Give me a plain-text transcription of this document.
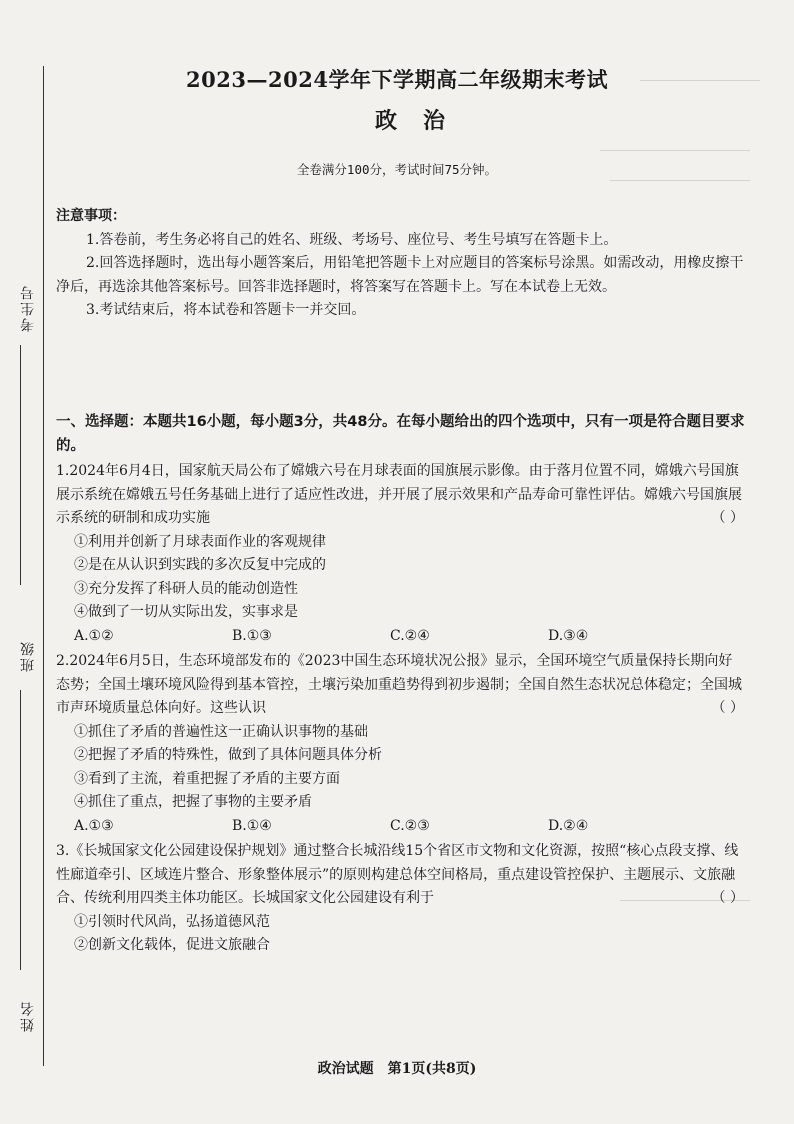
考生号
班级
姓名
2023—2024学年下学期高二年级期末考试
政治
全卷满分100分，考试时间75分钟。
注意事项：

1.答卷前，考生务必将自己的姓名、班级、考场号、座位号、考生号填写在答题卡上。

2.回答选择题时，选出每小题答案后，用铅笔把答题卡上对应题目的答案标号涂黑。如需改动，用橡皮擦干净后，再选涂其他答案标号。回答非选择题时，将答案写在答题卡上。写在本试卷上无效。

3.考试结束后，将本试卷和答题卡一并交回。

一、选择题：本题共16小题，每小题3分，共48分。在每小题给出的四个选项中，只有一项是符合题目要求的。

1.2024年6月4日，国家航天局公布了嫦娥六号在月球表面的国旗展示影像。由于落月位置不同，嫦娥六号国旗展示系统在嫦娥五号任务基础上进行了适应性改进，并开展了展示效果和产品寿命可靠性评估。嫦娥六号国旗展示系统的研制和成功实施	（ ）

①利用并创新了月球表面作业的客观规律

②是在从认识到实践的多次反复中完成的

③充分发挥了科研人员的能动创造性

④做到了一切从实际出发，实事求是

A.①②	B.①③	C.②④	D.③④

2.2024年6月5日，生态环境部发布的《2023中国生态环境状况公报》显示，全国环境空气质量保持长期向好态势；全国土壤环境风险得到基本管控，土壤污染加重趋势得到初步遏制；全国自然生态状况总体稳定；全国城市声环境质量总体向好。这些认识	（ ）

①抓住了矛盾的普遍性这一正确认识事物的基础

②把握了矛盾的特殊性，做到了具体问题具体分析

③看到了主流，着重把握了矛盾的主要方面

④抓住了重点，把握了事物的主要矛盾

A.①③	B.①④	C.②③	D.②④

3.《长城国家文化公园建设保护规划》通过整合长城沿线15个省区市文物和文化资源，按照“核心点段支撑、线性廊道牵引、区域连片整合、形象整体展示”的原则构建总体空间格局，重点建设管控保护、主题展示、文旅融合、传统利用四类主体功能区。长城国家文化公园建设有利于	（ ）

①引领时代风尚，弘扬道德风范

②创新文化载体，促进文旅融合

政治试题　第1页(共8页)
